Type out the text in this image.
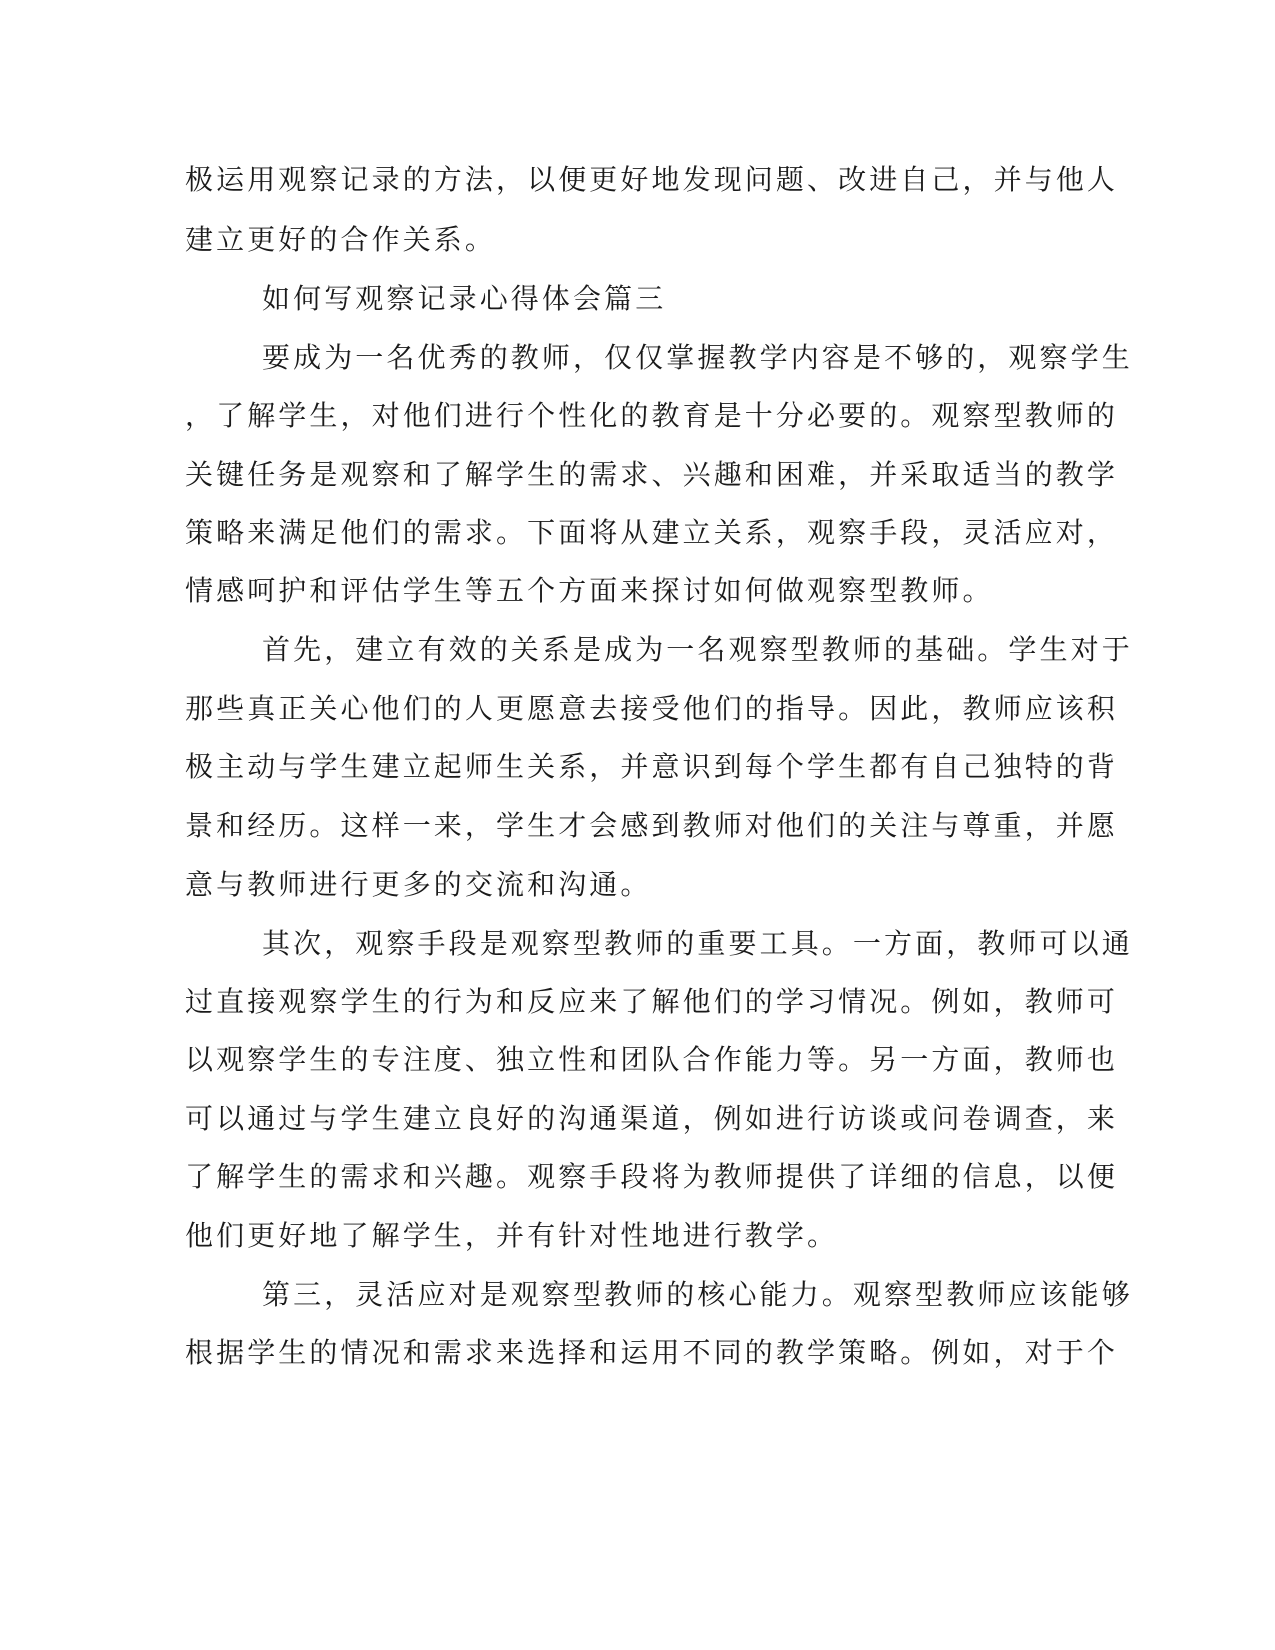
极运用观察记录的方法，以便更好地发现问题、改进自己，并与他人
建立更好的合作关系。
如何写观察记录心得体会篇三
要成为一名优秀的教师，仅仅掌握教学内容是不够的，观察学生
，了解学生，对他们进行个性化的教育是十分必要的。观察型教师的
关键任务是观察和了解学生的需求、兴趣和困难，并采取适当的教学
策略来满足他们的需求。下面将从建立关系，观察手段，灵活应对，
情感呵护和评估学生等五个方面来探讨如何做观察型教师。
首先，建立有效的关系是成为一名观察型教师的基础。学生对于
那些真正关心他们的人更愿意去接受他们的指导。因此，教师应该积
极主动与学生建立起师生关系，并意识到每个学生都有自己独特的背
景和经历。这样一来，学生才会感到教师对他们的关注与尊重，并愿
意与教师进行更多的交流和沟通。
其次，观察手段是观察型教师的重要工具。一方面，教师可以通
过直接观察学生的行为和反应来了解他们的学习情况。例如，教师可
以观察学生的专注度、独立性和团队合作能力等。另一方面，教师也
可以通过与学生建立良好的沟通渠道，例如进行访谈或问卷调查，来
了解学生的需求和兴趣。观察手段将为教师提供了详细的信息，以便
他们更好地了解学生，并有针对性地进行教学。
第三，灵活应对是观察型教师的核心能力。观察型教师应该能够
根据学生的情况和需求来选择和运用不同的教学策略。例如，对于个
